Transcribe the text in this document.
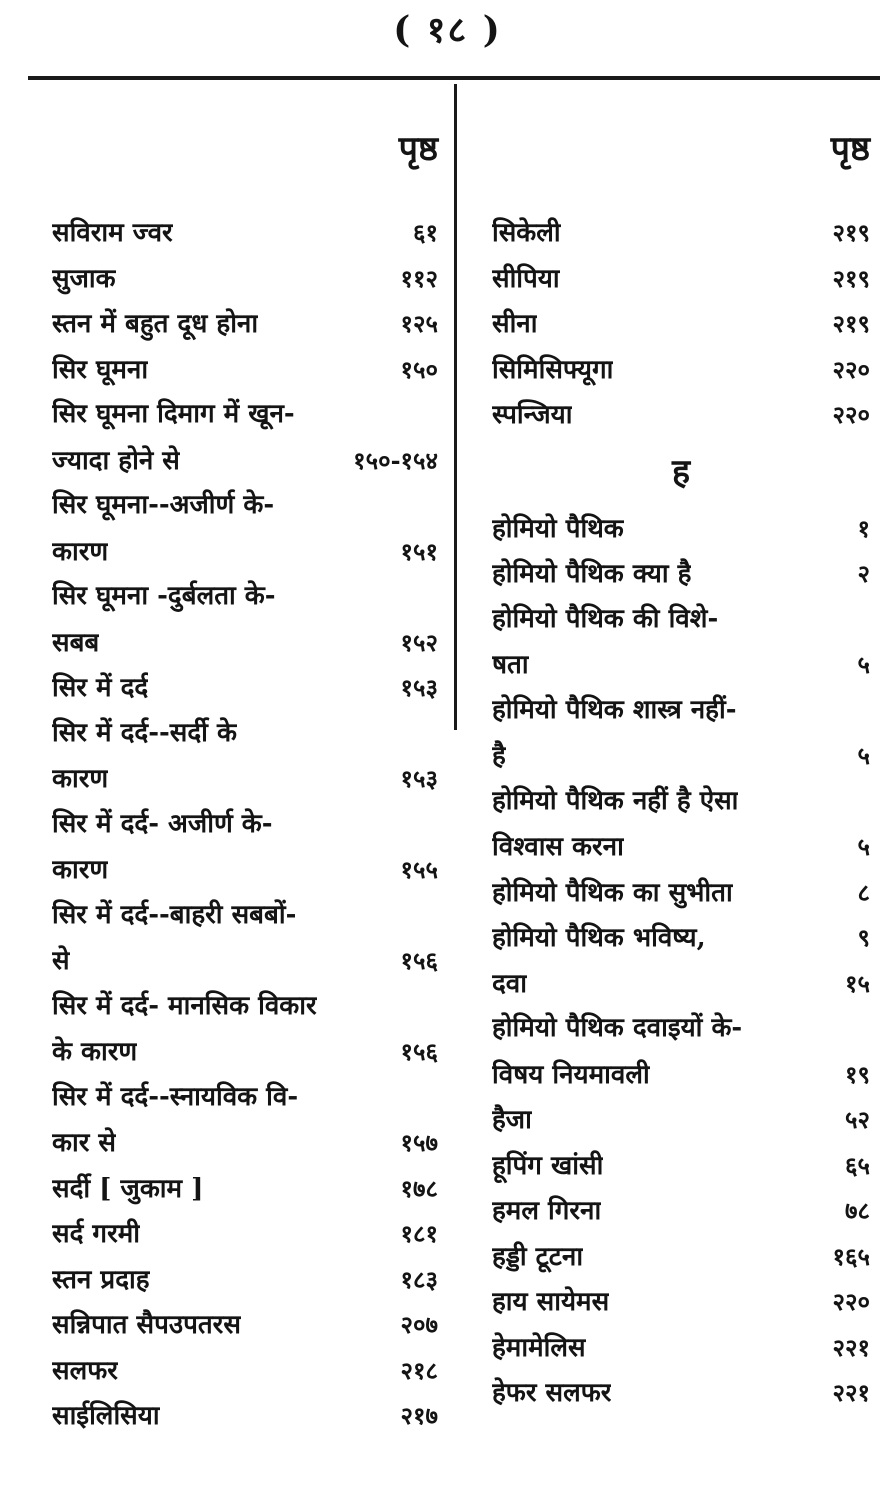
( १८ )
पृष्ठ
सविराम ज्वर	६१
सुजाक	११२
स्तन में बहुत दूध होना	१२५
सिर घूमना	१५०
सिर घूमना दिमाग में खून-
ज्यादा होने से	१५०-१५४
सिर घूमना--अजीर्ण के-
कारण	१५१
सिर घूमना -दुर्बलता के-
सबब	१५२
सिर में दर्द	१५३
सिर में दर्द--सर्दी के
कारण	१५३
सिर में दर्द- अजीर्ण के-
कारण	१५५
सिर में दर्द--बाहरी सबबों-
से	१५६
सिर में दर्द- मानसिक विकार
के कारण	१५६
सिर में दर्द--स्नायविक वि-
कार से	१५७
सर्दी [ जुकाम ]	१७८
सर्द गरमी	१८१
स्तन प्रदाह	१८३
सन्निपात सैपउपतरस	२०७
सलफर	२१८
साईलिसिया	२१७
पृष्ठ
सिकेली	२१९
सीपिया	२१९
सीना	२१९
सिमिसिफ्यूगा	२२०
स्पन्जिया	२२०
ह
होमियो पैथिक	१
होमियो पैथिक क्या है	२
होमियो पैथिक की विशे-
षता	५
होमियो पैथिक शास्त्र नहीं-
है	५
होमियो पैथिक नहीं है ऐसा
विश्वास करना	५
होमियो पैथिक का सुभीता	८
होमियो पैथिक भविष्य,	९
दवा	१५
होमियो पैथिक दवाइयों के-
विषय नियमावली	१९
हैजा	५२
हूपिंग खांसी	६५
हमल गिरना	७८
हड्डी टूटना	१६५
हाय सायेमस	२२०
हेमामेलिस	२२१
हेफर सलफर	२२१
